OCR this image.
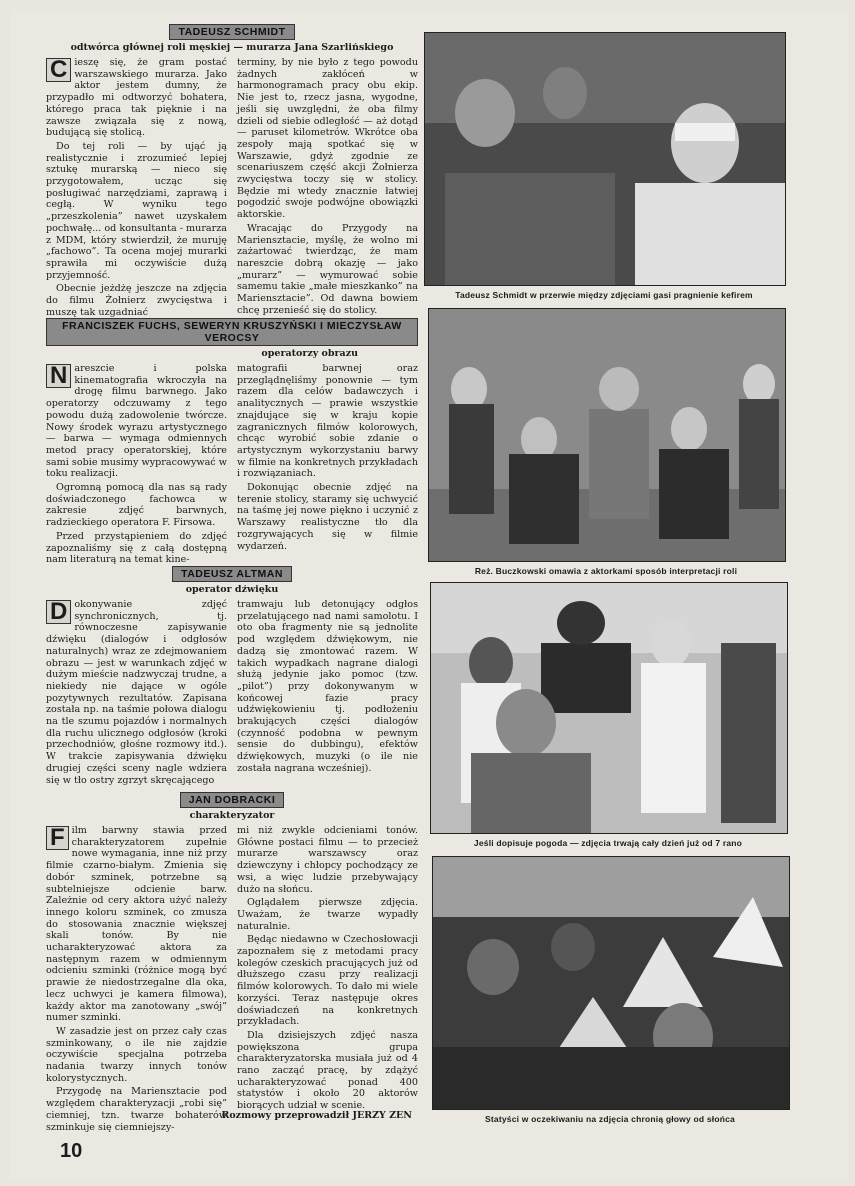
TADEUSZ SCHMIDT
odtwórca głównej roli męskiej — murarza Jana Szarlińskiego

C ieszę się, że gram postać warszawskiego murarza. Jako aktor jestem dumny, że przypadło mi odtworzyć bohatera, którego praca tak pięknie i na zawsze związała się z nową, budującą się stolicą.

Do tej roli — by ująć ją realistycznie i zrozumieć lepiej sztukę murarską — nieco się przygotowałem, ucząc się posługiwać narzędziami, zaprawą i cegłą. W wyniku tego „przeszkolenia” nawet uzyskałem pochwałę... od konsultanta - murarza z MDM, który stwierdził, że muruję „fachowo”. Ta ocena mojej murarki sprawiła mi oczywiście dużą przyjemność.

Obecnie jeżdżę jeszcze na zdjęcia do filmu Żołnierz zwycięstwa i muszę tak uzgadniać

terminy, by nie było z tego powodu żadnych zakłóceń w harmonogramach pracy obu ekip. Nie jest to, rzecz jasna, wygodne, jeśli się uwzględni, że oba filmy dzieli od siebie odległość — aż dotąd — paruset kilometrów. Wkrótce oba zespoły mają spotkać się w Warszawie, gdyż zgodnie ze scenariuszem część akcji Żołnierza zwycięstwa toczy się w stolicy. Będzie mi wtedy znacznie łatwiej pogodzić swoje podwójne obowiązki aktorskie.

Wracając do Przygody na Mariensztacie, myślę, że wolno mi zażartować twierdząc, że mam nareszcie dobrą okazję — jako „murarz” — wymurować sobie samemu takie „małe mieszkanko” na Mariensztacie”. Od dawna bowiem chcę przenieść się do stolicy.

FRANCISZEK FUCHS, SEWERYN KRUSZYŃSKI I MIECZYSŁAW VEROCSY
operatorzy obrazu

N areszcie i polska kinematografia wkroczyła na drogę filmu barwnego. Jako operatorzy odczuwamy z tego powodu dużą zadowolenie twórcze. Nowy środek wyrazu artystycznego — barwa — wymaga odmiennych metod pracy operatorskiej, które sami sobie musimy wypracowywać w toku realizacji.

Ogromną pomocą dla nas są rady doświadczonego fachowca w zakresie zdjęć barwnych, radzieckiego operatora F. Firsowa.

Przed przystąpieniem do zdjęć zapoznaliśmy się z całą dostępną nam literaturą na temat kine-

matografii barwnej oraz przeglądnęliśmy ponownie — tym razem dla celów badawczych i analitycznych — prawie wszystkie znajdujące się w kraju kopie zagranicznych filmów kolorowych, chcąc wyrobić sobie zdanie o artystycznym wykorzystaniu barwy w filmie na konkretnych przykładach i rozwiązaniach.

Dokonując obecnie zdjęć na terenie stolicy, staramy się uchwycić na taśmę jej nowe piękno i uczynić z Warszawy realistyczne tło dla rozgrywających się w filmie wydarzeń.

TADEUSZ ALTMAN
operator dźwięku

D okonywanie zdjęć synchronicznych, tj. równoczesne zapisywanie dźwięku (dialogów i odgłosów naturalnych) wraz ze zdejmowaniem obrazu — jest w warunkach zdjęć w dużym mieście nadzwyczaj trudne, a niekiedy nie dające w ogóle pozytywnych rezultatów. Zapisana została np. na taśmie połowa dialogu na tle szumu pojazdów i normalnych dla ruchu ulicznego odgłosów (kroki przechodniów, głośne rozmowy itd.). W trakcie zapisywania dźwięku drugiej części sceny nagle wdziera się w tło ostry zgrzyt skręcającego

tramwaju lub detonujący odgłos przelatującego nad nami samolotu. I oto oba fragmenty nie są jednolite pod względem dźwiękowym, nie dadzą się zmontować razem. W takich wypadkach nagrane dialogi służą jedynie jako pomoc (tzw. „pilot”) przy dokonywanym w końcowej fazie pracy udźwiękowieniu tj. podłożeniu brakujących części dialogów (czynność podobna w pewnym sensie do dubbingu), efektów dźwiękowych, muzyki (o ile nie została nagrana wcześniej).

JAN DOBRACKI
charakteryzator

F ilm barwny stawia przed charakteryzatorem zupełnie nowe wymagania, inne niż przy filmie czarno-białym. Zmienia się dobór szminek, potrzebne są subtelniejsze odcienie barw. Zależnie od cery aktora użyć należy innego koloru szminek, co zmusza do stosowania znacznie większej skali tonów. By nie ucharakteryzować aktora za następnym razem w odmiennym odcieniu szminki (różnice mogą być prawie że niedostrzegalne dla oka, lecz uchwyci je kamera filmowa), każdy aktor ma zanotowany „swój” numer szminki.

W zasadzie jest on przez cały czas szminkowany, o ile nie zajdzie oczywiście specjalna potrzeba nadania twarzy innych tonów kolorystycznych.

Przygodę na Mariensztacie pod względem charakteryzacji „robi się” ciemniej, tzn. twarze bohaterów szminkuje się ciemniejszy-

mi niż zwykle odcieniami tonów. Główne postaci filmu — to przecież murarze warszawscy oraz dziewczyny i chłopcy pochodzący ze wsi, a więc ludzie przebywający dużo na słońcu.

Oglądałem pierwsze zdjęcia. Uważam, że twarze wypadły naturalnie.

Będąc niedawno w Czechosłowacji zapoznałem się z metodami pracy kolegów czeskich pracujących już od dłuższego czasu przy realizacji filmów kolorowych. To dało mi wiele korzyści. Teraz następuje okres doświadczeń na konkretnych przykładach.

Dla dzisiejszych zdjęć nasza powiększona grupa charakteryzatorska musiała już od 4 rano zacząć pracę, by zdążyć ucharakteryzować ponad 400 statystów i około 20 aktorów biorących udział w scenie.

Rozmowy przeprowadził JERZY ZEN
Tadeusz Schmidt w przerwie między zdjęciami gasi pragnienie kefirem
Reż. Buczkowski omawia z aktorkami sposób interpretacji roli
Jeśli dopisuje pogoda — zdjęcia trwają cały dzień już od 7 rano
Statyści w oczekiwaniu na zdjęcia chronią głowy od słońca
10
